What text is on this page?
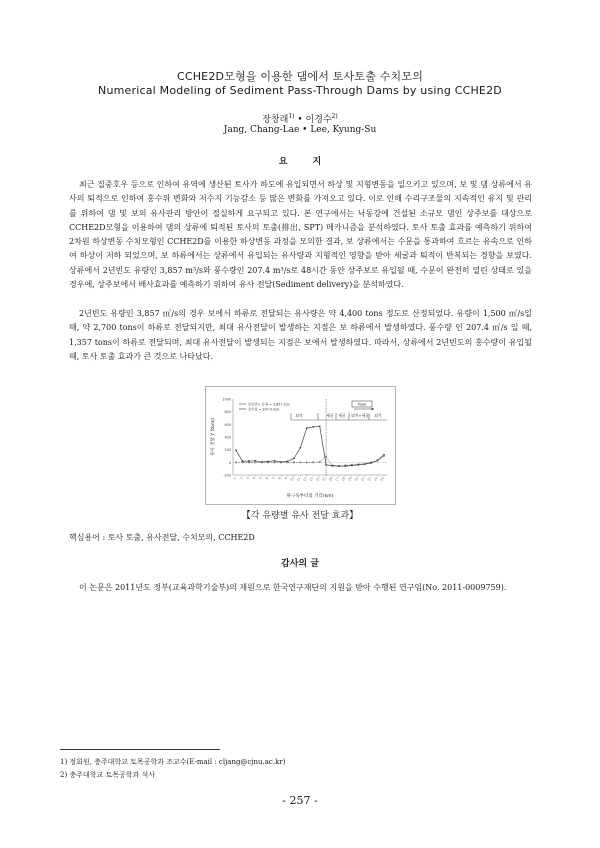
CCHE2D모형을 이용한 댐에서 토사토출 수치모의
Numerical Modeling of Sediment Pass-Through Dams by using CCHE2D
장창래$^{1)}$ • 이경수$^{2)}$
Jang, Chang-Lae • Lee, Kyung-Su
요 지

최근 집중호우 등으로 인하여 유역에 생산된 토사가 하도에 유입되면서 하상 및 지형변동을 일으키고 있으며, 보 및 댐 상류에서 유사의 퇴적으로 인하여 홍수위 변화와 저수지 기능감소 등 많은 변화를 가져오고 있다. 이로 인해 수리구조물의 지속적인 유지 및 관리를 위하여 댐 및 보의 유사관리 방안이 절실하게 요구되고 있다. 본 연구에서는 낙동강에 건설된 소규모 댐인 상주보를 대상으로 CCHE2D모형을 이용하여 댐의 상류에 퇴적된 토사의 토출(排出, SPT) 메카니즘을 분석하였다. 토사 토출 효과를 예측하기 위하여 2차원 하상변동 수치모형인 CCHE2D를 이용한 하상변동 과정을 모의한 결과, 보 상류에서는 수문을 통과하여 흐르는 유속으로 인하여 하상이 저하 되었으며, 보 하류에서는 상류에서 유입되는 유사량과 지형적인 영향을 받아 세굴과 퇴적이 반복되는 경향을 보였다. 상류에서 2년빈도 유량인 3,857 m³/s와 풍수량인 207.4 m³/s로 48시간 동안 상주보로 유입될 때, 수문이 완전히 열린 상태로 있을 경우에, 상주보에서 배사효과를 예측하기 위하여 유사 전달(Sediment delivery)을 분석하였다.

2년빈도 유량인 3,857 ㎥/s의 경우 보에서 하류로 전달되는 유사량은 약 4,400 tons 정도로 산정되었다. 유량이 1,500 ㎥/s일 때, 약 2,700 tons이 하류로 전달되지만, 최대 유사전달이 발생하는 지점은 보 하류에서 발생하였다. 풍수량 인 207.4 ㎥/s 일 때, 1,357 tons이 하류로 전달되며, 최대 유사전달이 발생되는 지점은 보에서 발생하였다. 따라서, 상류에서 2년빈도의 홍수량이 유입될 때, 토사 토출 효과가 큰 것으로 나타났다.

1000
800
600
400
200
0
-200
유사 전달 Y (tons)
1 2 3 4 5 6 7 8 9 10 11 12 13 14 15 16 17 18 19 20 21 22 23 24
하구둑부터의 거리(km)
본년빈도 유량 = 3,857 ㎥/s
풍수량 = 207.4 ㎥/s
퇴적	세굴 세굴 퇴적+세굴 퇴적
flow
【각 유량별 유사 전달 효과】
핵심용어 : 토사 토출, 유사전달, 수치모의, CCHE2D
감사의 글
이 논문은 2011년도 정부(교육과학기술부)의 재원으로 한국연구재단의 지원을 받아 수행된 연구임(No. 2011-0009759).
1) 정회원, 충주대학교 토목공학과 조교수(E-mail : cljang@cjnu.ac.kr)
2) 충주대학교 토목공학과 석사
- 257 -
